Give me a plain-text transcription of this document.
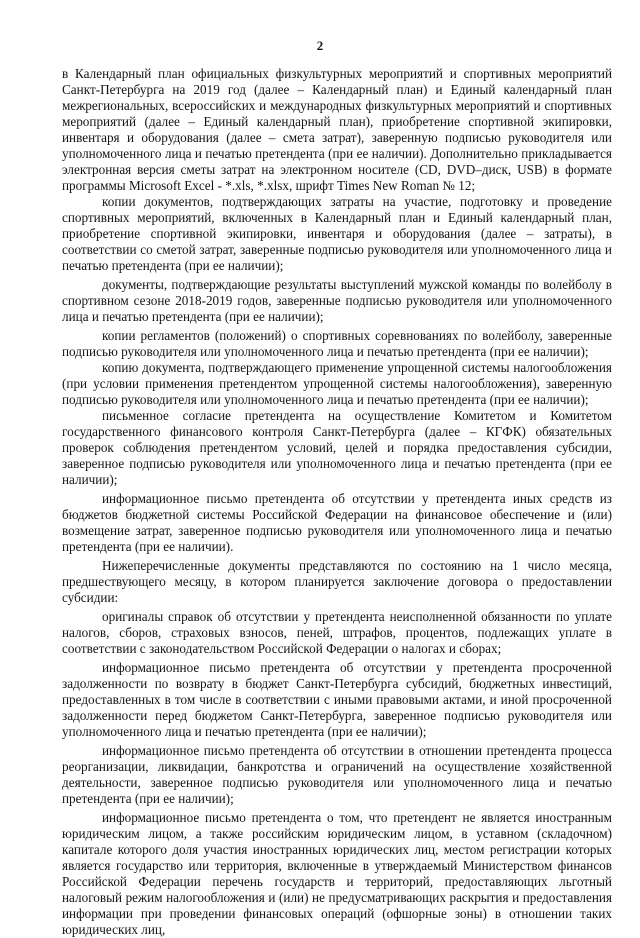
2

в Календарный план официальных физкультурных мероприятий и спортивных мероприятий Санкт-Петербурга на 2019 год (далее – Календарный план) и Единый календарный план межрегиональных, всероссийских и международных физкультурных мероприятий и спортивных мероприятий (далее – Единый календарный план), приобретение спортивной экипировки, инвентаря и оборудования (далее – смета затрат), заверенную подписью руководителя или уполномоченного лица и печатью претендента (при ее наличии). Дополнительно прикладывается электронная версия сметы затрат на электронном носителе (CD, DVD–диск, USB) в формате программы Microsoft Excel - *.xls, *.xlsx, шрифт Times New Roman № 12;

копии документов, подтверждающих затраты на участие, подготовку и проведение спортивных мероприятий, включенных в Календарный план и Единый календарный план, приобретение спортивной экипировки, инвентаря и оборудования (далее – затраты), в соответствии со сметой затрат, заверенные подписью руководителя или уполномоченного лица и печатью претендента (при ее наличии);

документы, подтверждающие результаты выступлений мужской команды по волейболу в спортивном сезоне 2018-2019 годов, заверенные подписью руководителя или уполномоченного лица и печатью претендента (при ее наличии);

копии регламентов (положений) о спортивных соревнованиях по волейболу, заверенные подписью руководителя или уполномоченного лица и печатью претендента (при ее наличии);

копию документа, подтверждающего применение упрощенной системы налогообложения (при условии применения претендентом упрощенной системы налогообложения), заверенную подписью руководителя или уполномоченного лица и печатью претендента (при ее наличии);

письменное согласие претендента на осуществление Комитетом и Комитетом государственного финансового контроля Санкт-Петербурга (далее – КГФК) обязательных проверок соблюдения претендентом условий, целей и порядка предоставления субсидии, заверенное подписью руководителя или уполномоченного лица и печатью претендента (при ее наличии);

информационное письмо претендента об отсутствии у претендента иных средств из бюджетов бюджетной системы Российской Федерации на финансовое обеспечение и (или) возмещение затрат, заверенное подписью руководителя или уполномоченного лица и печатью претендента (при ее наличии).

Нижеперечисленные документы представляются по состоянию на 1 число месяца, предшествующего месяцу, в котором планируется заключение договора о предоставлении субсидии:

оригиналы справок об отсутствии у претендента неисполненной обязанности по уплате налогов, сборов, страховых взносов, пеней, штрафов, процентов, подлежащих уплате в соответствии с законодательством Российской Федерации о налогах и сборах;

информационное письмо претендента об отсутствии у претендента просроченной задолженности по возврату в бюджет Санкт-Петербурга субсидий, бюджетных инвестиций, предоставленных в том числе в соответствии с иными правовыми актами, и иной просроченной задолженности перед бюджетом Санкт-Петербурга, заверенное подписью руководителя или уполномоченного лица и печатью претендента (при ее наличии);

информационное письмо претендента об отсутствии в отношении претендента процесса реорганизации, ликвидации, банкротства и ограничений на осуществление хозяйственной деятельности, заверенное подписью руководителя или уполномоченного лица и печатью претендента (при ее наличии);

информационное письмо претендента о том, что претендент не является иностранным юридическим лицом, а также российским юридическим лицом, в уставном (складочном) капитале которого доля участия иностранных юридических лиц, местом регистрации которых является государство или территория, включенные в утверждаемый Министерством финансов Российской Федерации перечень государств и территорий, предоставляющих льготный налоговый режим налогообложения и (или) не предусматривающих раскрытия и предоставления информации при проведении финансовых операций (офшорные зоны) в отношении таких юридических лиц,
